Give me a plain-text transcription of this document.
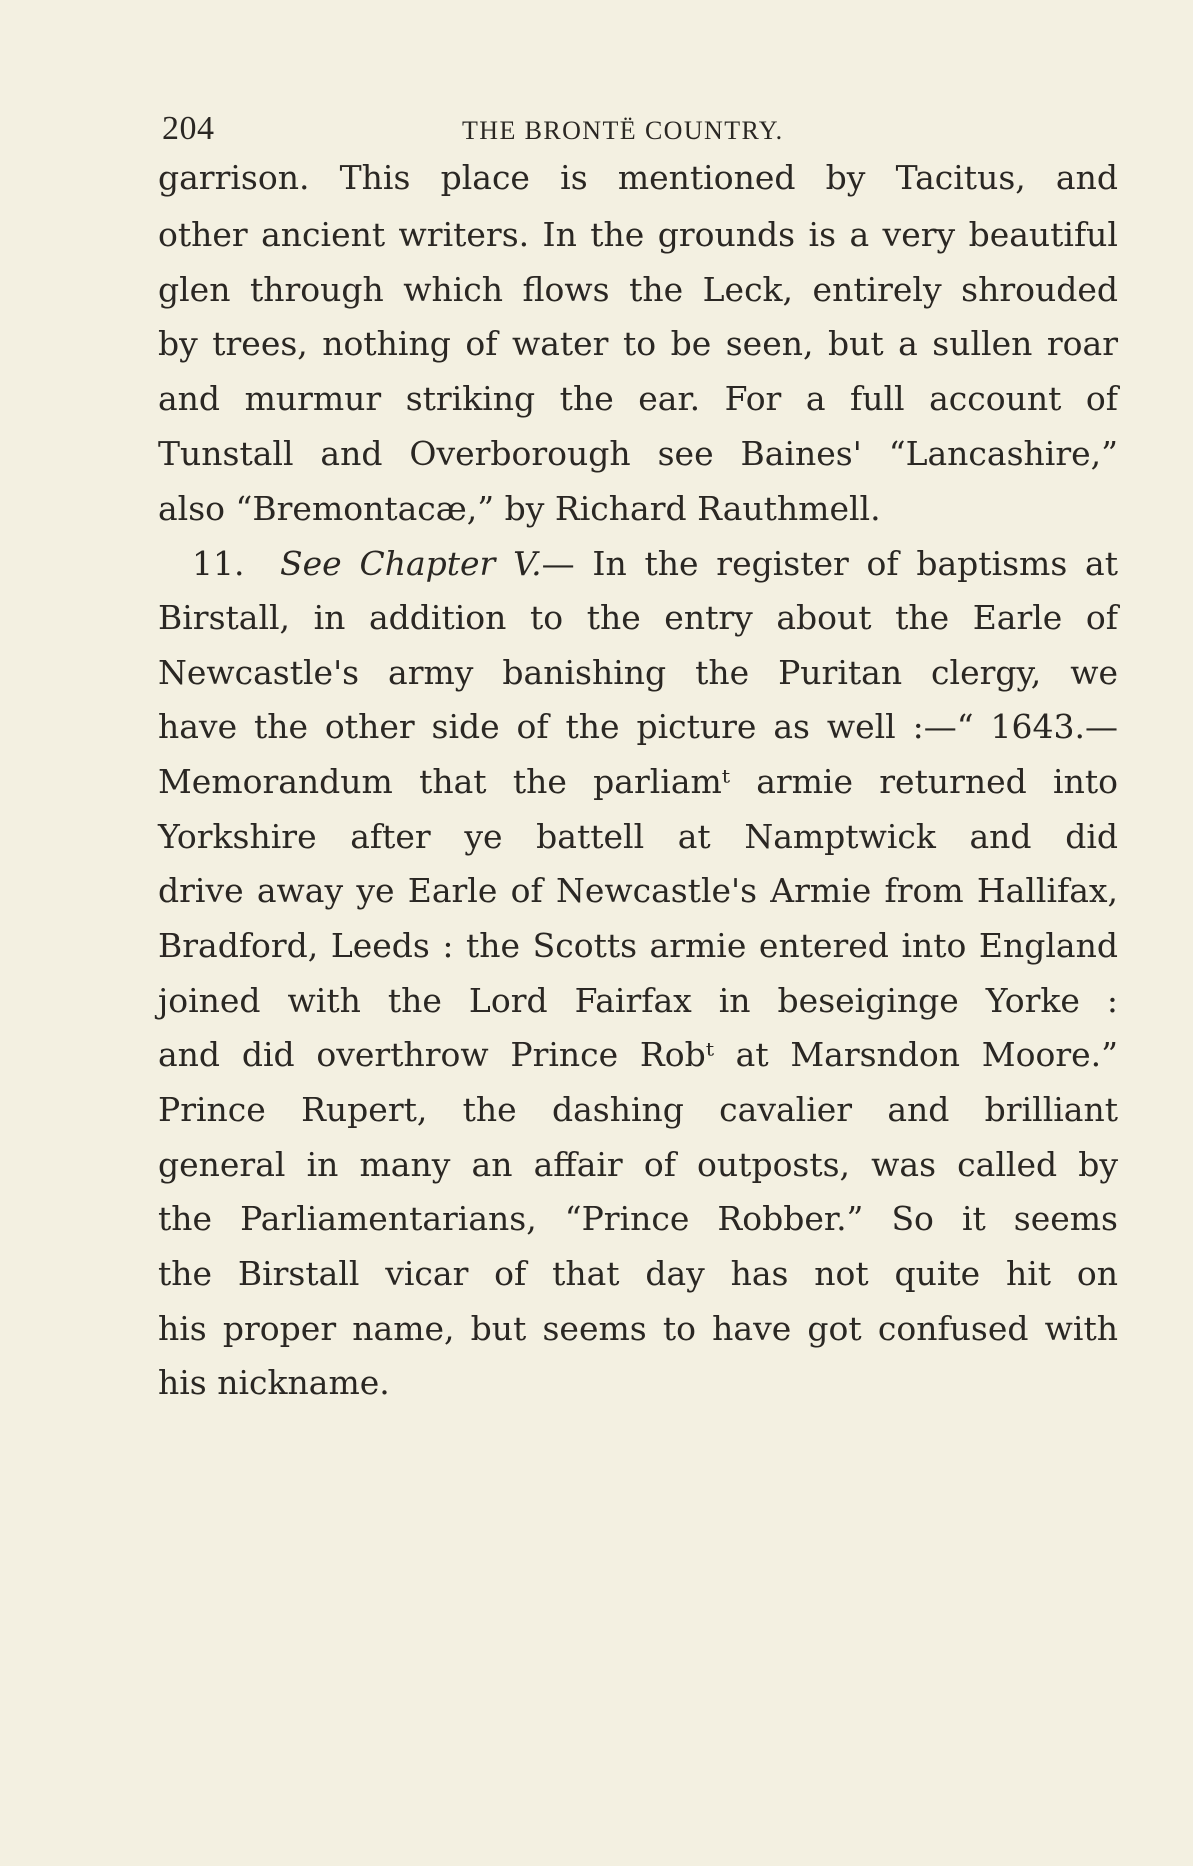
204	THE BRONTË COUNTRY.
garrison. This place is mentioned by Tacitus, and
other ancient writers. In the grounds is a very beautiful
glen through which flows the Leck, entirely shrouded
by trees, nothing of water to be seen, but a sullen roar
and murmur striking the ear. For a full account of
Tunstall and Overborough see Baines' “Lancashire,”
also “Bremontacæ,” by Richard Rauthmell.
11. See Chapter V.— In the register of baptisms at
Birstall, in addition to the entry about the Earle of
Newcastle's army banishing the Puritan clergy, we
have the other side of the picture as well :—“ 1643.—
Memorandum that the parliamᵗ armie returned into
Yorkshire after ye battell at Namptwick and did
drive away ye Earle of Newcastle's Armie from Hallifax,
Bradford, Leeds : the Scotts armie entered into England
joined with the Lord Fairfax in beseiginge Yorke :
and did overthrow Prince Robᵗ at Marsndon Moore.”
Prince Rupert, the dashing cavalier and brilliant
general in many an affair of outposts, was called by
the Parliamentarians, “Prince Robber.” So it seems
the Birstall vicar of that day has not quite hit on
his proper name, but seems to have got confused with
his nickname.
